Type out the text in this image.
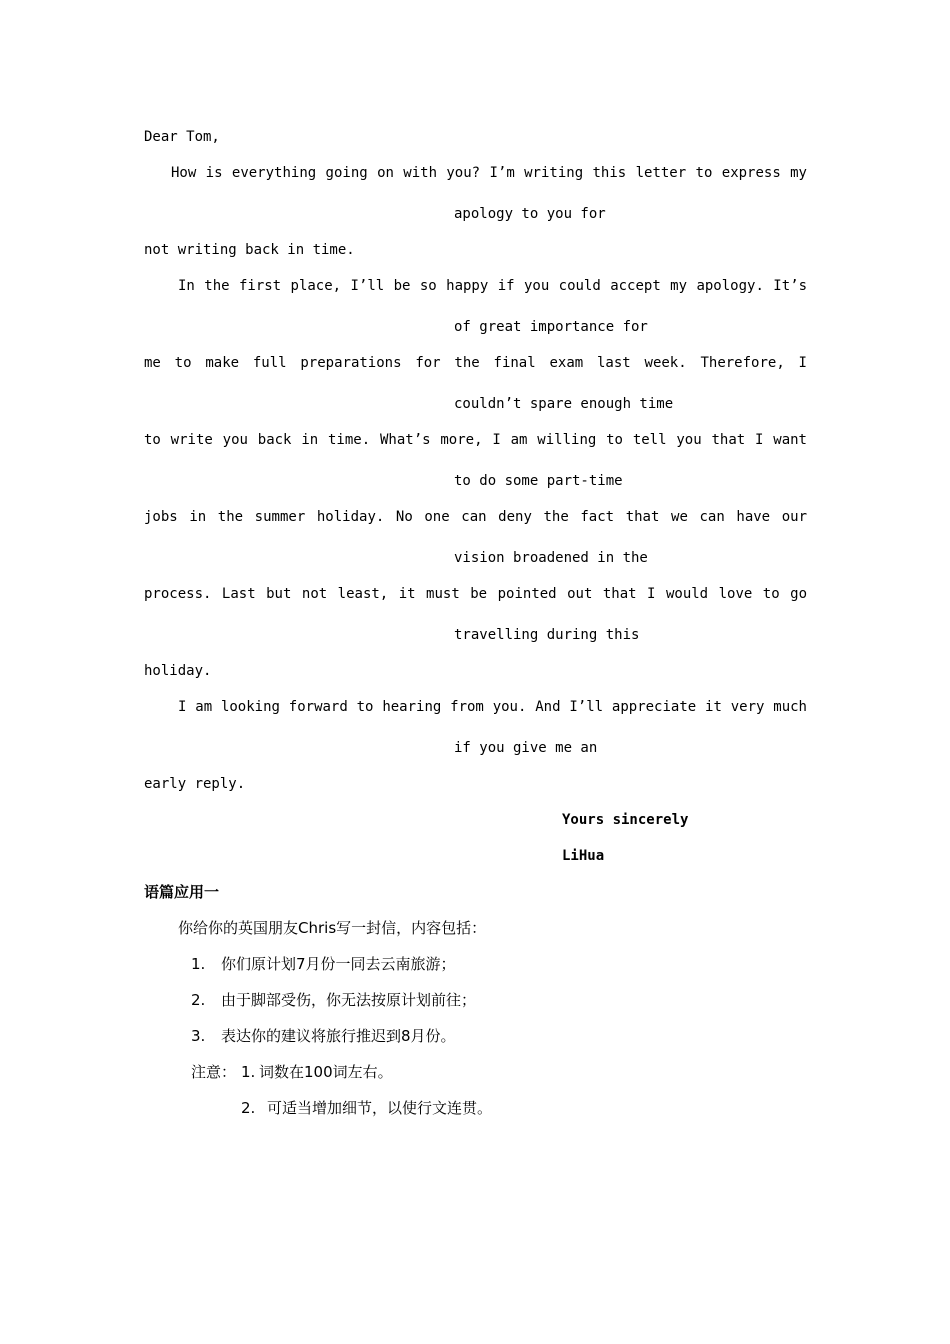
Dear Tom,

How is everything going on with you? I’m writing this letter to express my

apology to you for

not writing back in time.

In the first place, I’ll be so happy if you could accept my apology. It’s

of great importance for

me to make full preparations for the final exam last week. Therefore, I

couldn’t spare enough time

to write you back in time. What’s more, I am willing to tell you that I want

to do some part-time

jobs in the summer holiday. No one can deny the fact that we can have our

vision broadened in the

process. Last but not least, it must be pointed out that I would love to go

travelling during this

holiday.

I am looking forward to hearing from you. And I’ll appreciate it very much

if you give me an

early reply.

Yours sincerely

LiHua

语篇应用一

你给你的英国朋友Chris写一封信，内容包括：

1. 你们原计划7月份一同去云南旅游；

2. 由于脚部受伤，你无法按原计划前往；

3. 表达你的建议将旅行推迟到8月份。

注意： 1. 词数在100词左右。

2. 可适当增加细节，以使行文连贯。
